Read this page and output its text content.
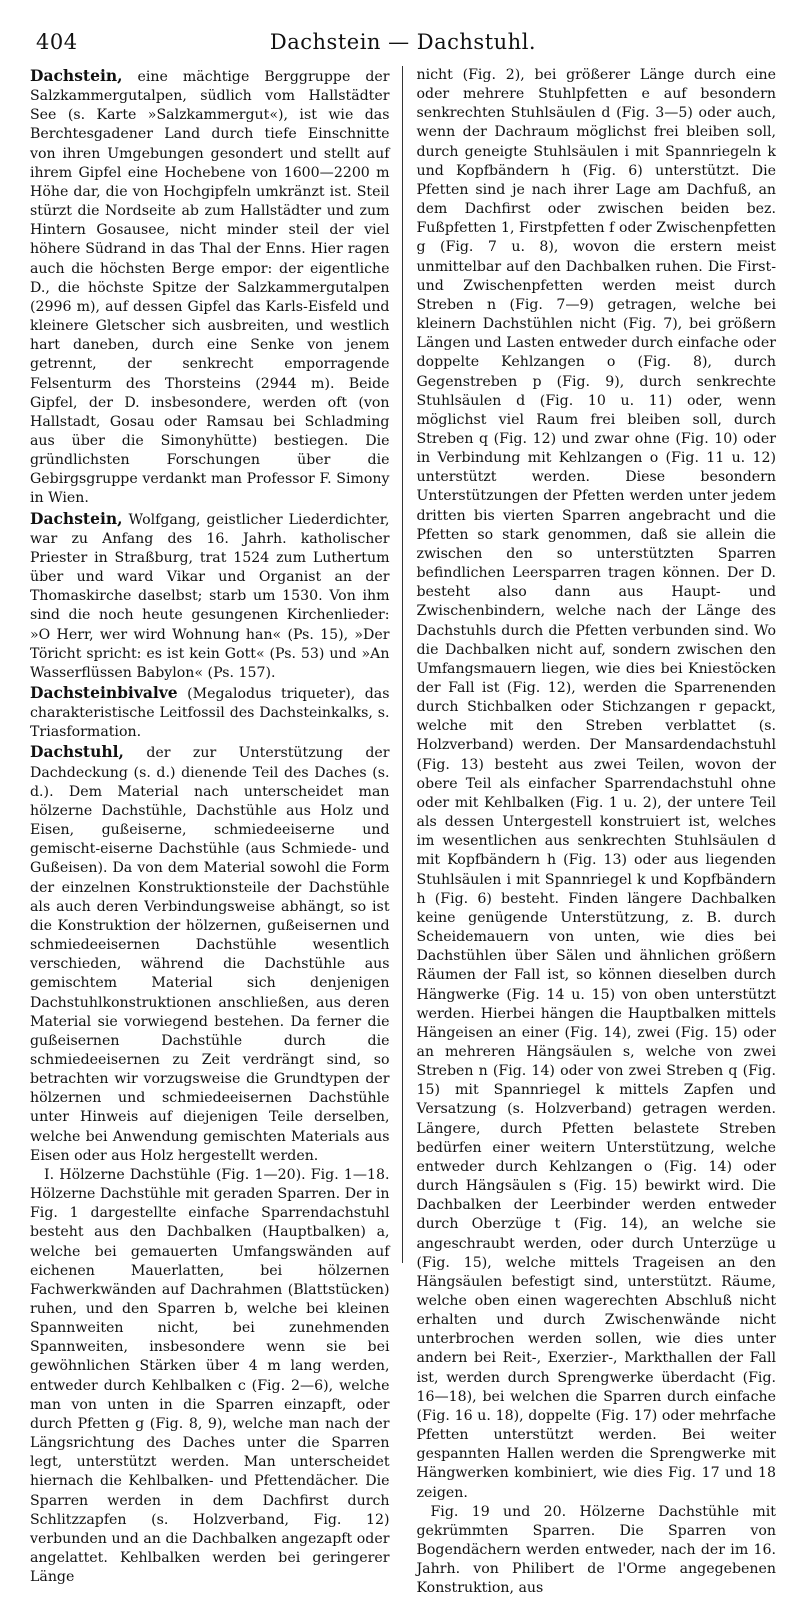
404	Dachstein — Dachstuhl.

Dachstein, eine mächtige Berggruppe der Salzkammergutalpen, südlich vom Hallstädter See (s. Karte »Salzkammergut«), ist wie das Berchtesgadener Land durch tiefe Einschnitte von ihren Umgebungen gesondert und stellt auf ihrem Gipfel eine Hochebene von 1600—2200 m Höhe dar, die von Hochgipfeln umkränzt ist. Steil stürzt die Nordseite ab zum Hallstädter und zum Hintern Gosausee, nicht minder steil der viel höhere Südrand in das Thal der Enns. Hier ragen auch die höchsten Berge empor: der eigentliche D., die höchste Spitze der Salzkammergutalpen (2996 m), auf dessen Gipfel das Karls-Eisfeld und kleinere Gletscher sich ausbreiten, und westlich hart daneben, durch eine Senke von jenem getrennt, der senkrecht emporragende Felsenturm des Thorsteins (2944 m). Beide Gipfel, der D. insbesondere, werden oft (von Hallstadt, Gosau oder Ramsau bei Schladming aus über die Simonyhütte) bestiegen. Die gründlichsten Forschungen über die Gebirgsgruppe verdankt man Professor F. Simony in Wien.

Dachstein, Wolfgang, geistlicher Liederdichter, war zu Anfang des 16. Jahrh. katholischer Priester in Straßburg, trat 1524 zum Luthertum über und ward Vikar und Organist an der Thomaskirche daselbst; starb um 1530. Von ihm sind die noch heute gesungenen Kirchenlieder: »O Herr, wer wird Wohnung han« (Ps. 15), »Der Töricht spricht: es ist kein Gott« (Ps. 53) und »An Wasserflüssen Babylon« (Ps. 157).

Dachsteinbivalve (Megalodus triqueter), das charakteristische Leitfossil des Dachsteinkalks, s. Triasformation.

Dachstuhl, der zur Unterstützung der Dachdeckung (s. d.) dienende Teil des Daches (s. d.). Dem Material nach unterscheidet man hölzerne Dachstühle, Dachstühle aus Holz und Eisen, gußeiserne, schmiedeeiserne und gemischt-eiserne Dachstühle (aus Schmiede- und Gußeisen). Da von dem Material sowohl die Form der einzelnen Konstruktionsteile der Dachstühle als auch deren Verbindungsweise abhängt, so ist die Konstruktion der hölzernen, gußeisernen und schmiedeeisernen Dachstühle wesentlich verschieden, während die Dachstühle aus gemischtem Material sich denjenigen Dachstuhlkonstruktionen anschließen, aus deren Material sie vorwiegend bestehen. Da ferner die gußeisernen Dachstühle durch die schmiedeeisernen zu Zeit verdrängt sind, so betrachten wir vorzugsweise die Grundtypen der hölzernen und schmiedeeisernen Dachstühle unter Hinweis auf diejenigen Teile derselben, welche bei Anwendung gemischten Materials aus Eisen oder aus Holz hergestellt werden.

I. Hölzerne Dachstühle (Fig. 1—20). Fig. 1—18. Hölzerne Dachstühle mit geraden Sparren. Der in Fig. 1 dargestellte einfache Sparrendachstuhl besteht aus den Dachbalken (Hauptbalken) a, welche bei gemauerten Umfangswänden auf eichenen Mauerlatten, bei hölzernen Fachwerkwänden auf Dachrahmen (Blattstücken) ruhen, und den Sparren b, welche bei kleinen Spannweiten nicht, bei zunehmenden Spannweiten, insbesondere wenn sie bei gewöhnlichen Stärken über 4 m lang werden, entweder durch Kehlbalken c (Fig. 2—6), welche man von unten in die Sparren einzapft, oder durch Pfetten g (Fig. 8, 9), welche man nach der Längsrichtung des Daches unter die Sparren legt, unterstützt werden. Man unterscheidet hiernach die Kehlbalken- und Pfettendächer. Die Sparren werden in dem Dachfirst durch Schlitzzapfen (s. Holzverband, Fig. 12) verbunden und an die Dachbalken angezapft oder angelattet. Kehlbalken werden bei geringerer Länge

nicht (Fig. 2), bei größerer Länge durch eine oder mehrere Stuhlpfetten e auf besondern senkrechten Stuhlsäulen d (Fig. 3—5) oder auch, wenn der Dachraum möglichst frei bleiben soll, durch geneigte Stuhlsäulen i mit Spannriegeln k und Kopfbändern h (Fig. 6) unterstützt. Die Pfetten sind je nach ihrer Lage am Dachfuß, an dem Dachfirst oder zwischen beiden bez. Fußpfetten 1, Firstpfetten f oder Zwischenpfetten g (Fig. 7 u. 8), wovon die erstern meist unmittelbar auf den Dachbalken ruhen. Die First- und Zwischenpfetten werden meist durch Streben n (Fig. 7—9) getragen, welche bei kleinern Dachstühlen nicht (Fig. 7), bei größern Längen und Lasten entweder durch einfache oder doppelte Kehlzangen o (Fig. 8), durch Gegenstreben p (Fig. 9), durch senkrechte Stuhlsäulen d (Fig. 10 u. 11) oder, wenn möglichst viel Raum frei bleiben soll, durch Streben q (Fig. 12) und zwar ohne (Fig. 10) oder in Verbindung mit Kehlzangen o (Fig. 11 u. 12) unterstützt werden. Diese besondern Unterstützungen der Pfetten werden unter jedem dritten bis vierten Sparren angebracht und die Pfetten so stark genommen, daß sie allein die zwischen den so unterstützten Sparren befindlichen Leersparren tragen können. Der D. besteht also dann aus Haupt- und Zwischenbindern, welche nach der Länge des Dachstuhls durch die Pfetten verbunden sind. Wo die Dachbalken nicht auf, sondern zwischen den Umfangsmauern liegen, wie dies bei Kniestöcken der Fall ist (Fig. 12), werden die Sparrenenden durch Stichbalken oder Stichzangen r gepackt, welche mit den Streben verblattet (s. Holzverband) werden. Der Mansardendachstuhl (Fig. 13) besteht aus zwei Teilen, wovon der obere Teil als einfacher Sparrendachstuhl ohne oder mit Kehlbalken (Fig. 1 u. 2), der untere Teil als dessen Untergestell konstruiert ist, welches im wesentlichen aus senkrechten Stuhlsäulen d mit Kopfbändern h (Fig. 13) oder aus liegenden Stuhlsäulen i mit Spannriegel k und Kopfbändern h (Fig. 6) besteht. Finden längere Dachbalken keine genügende Unterstützung, z. B. durch Scheidemauern von unten, wie dies bei Dachstühlen über Sälen und ähnlichen größern Räumen der Fall ist, so können dieselben durch Hängwerke (Fig. 14 u. 15) von oben unterstützt werden. Hierbei hängen die Hauptbalken mittels Hängeisen an einer (Fig. 14), zwei (Fig. 15) oder an mehreren Hängsäulen s, welche von zwei Streben n (Fig. 14) oder von zwei Streben q (Fig. 15) mit Spannriegel k mittels Zapfen und Versatzung (s. Holzverband) getragen werden. Längere, durch Pfetten belastete Streben bedürfen einer weitern Unterstützung, welche entweder durch Kehlzangen o (Fig. 14) oder durch Hängsäulen s (Fig. 15) bewirkt wird. Die Dachbalken der Leerbinder werden entweder durch Oberzüge t (Fig. 14), an welche sie angeschraubt werden, oder durch Unterzüge u (Fig. 15), welche mittels Trageisen an den Hängsäulen befestigt sind, unterstützt. Räume, welche oben einen wagerechten Abschluß nicht erhalten und durch Zwischenwände nicht unterbrochen werden sollen, wie dies unter andern bei Reit-, Exerzier-, Markthallen der Fall ist, werden durch Sprengwerke überdacht (Fig. 16—18), bei welchen die Sparren durch einfache (Fig. 16 u. 18), doppelte (Fig. 17) oder mehrfache Pfetten unterstützt werden. Bei weiter gespannten Hallen werden die Sprengwerke mit Hängwerken kombiniert, wie dies Fig. 17 und 18 zeigen.

Fig. 19 und 20. Hölzerne Dachstühle mit gekrümmten Sparren. Die Sparren von Bogendächern werden entweder, nach der im 16. Jahrh. von Philibert de l'Orme angegebenen Konstruktion, aus
